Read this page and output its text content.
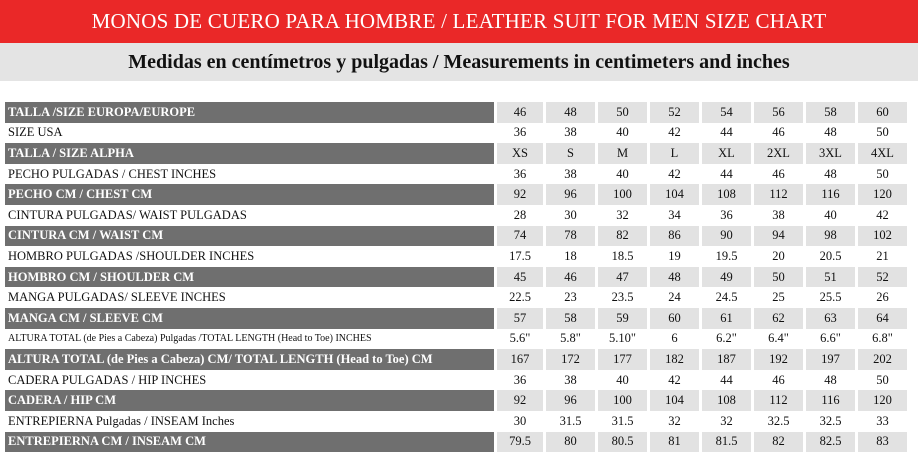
MONOS DE CUERO PARA HOMBRE / LEATHER SUIT FOR MEN SIZE CHART
Medidas en centímetros y pulgadas / Measurements in centimeters and inches
TALLA /SIZE EUROPA/EUROPE	46	48	50	52	54	56	58	60
SIZE USA	36	38	40	42	44	46	48	50
TALLA / SIZE ALPHA	XS	S	M	L	XL	2XL	3XL	4XL
PECHO PULGADAS / CHEST INCHES	36	38	40	42	44	46	48	50
PECHO CM / CHEST CM	92	96	100	104	108	112	116	120
CINTURA PULGADAS/ WAIST PULGADAS	28	30	32	34	36	38	40	42
CINTURA CM / WAIST CM	74	78	82	86	90	94	98	102
HOMBRO PULGADAS /SHOULDER INCHES	17.5	18	18.5	19	19.5	20	20.5	21
HOMBRO CM / SHOULDER CM	45	46	47	48	49	50	51	52
MANGA PULGADAS/ SLEEVE INCHES	22.5	23	23.5	24	24.5	25	25.5	26
MANGA CM / SLEEVE CM	57	58	59	60	61	62	63	64
ALTURA TOTAL (de Pies a Cabeza) Pulgadas /TOTAL LENGTH (Head to Toe) INCHES	5.6"	5.8"	5.10"	6	6.2"	6.4"	6.6"	6.8"
ALTURA TOTAL (de Pies a Cabeza) CM/ TOTAL LENGTH (Head to Toe) CM	167	172	177	182	187	192	197	202
CADERA PULGADAS / HIP INCHES	36	38	40	42	44	46	48	50
CADERA / HIP CM	92	96	100	104	108	112	116	120
ENTREPIERNA Pulgadas / INSEAM Inches	30	31.5	31.5	32	32	32.5	32.5	33
ENTREPIERNA CM / INSEAM CM	79.5	80	80.5	81	81.5	82	82.5	83
